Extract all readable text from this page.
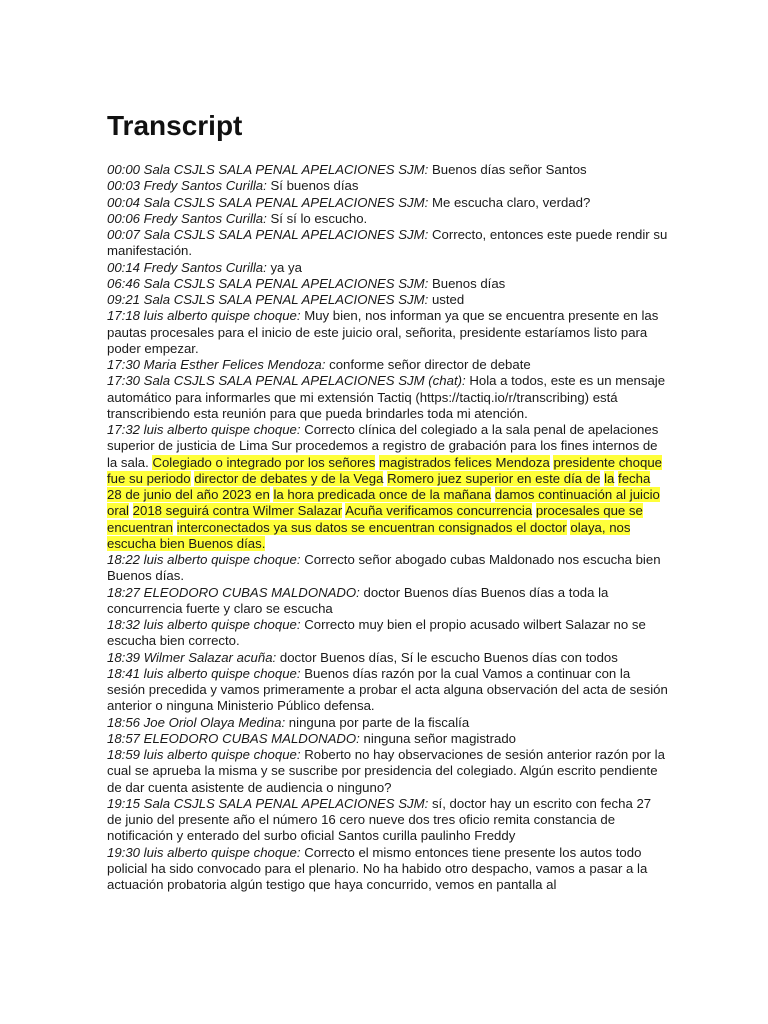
Transcript

00:00 Sala CSJLS SALA PENAL APELACIONES SJM: Buenos días señor Santos

00:03 Fredy Santos Curilla: Sí buenos días

00:04 Sala CSJLS SALA PENAL APELACIONES SJM: Me escucha claro, verdad?

00:06 Fredy Santos Curilla: Sí sí lo escucho.

00:07 Sala CSJLS SALA PENAL APELACIONES SJM: Correcto, entonces este puede rendir su manifestación.

00:14 Fredy Santos Curilla: ya ya

06:46 Sala CSJLS SALA PENAL APELACIONES SJM: Buenos días

09:21 Sala CSJLS SALA PENAL APELACIONES SJM: usted

17:18 luis alberto quispe choque: Muy bien, nos informan ya que se encuentra presente en las pautas procesales para el inicio de este juicio oral, señorita, presidente estaríamos listo para poder empezar.

17:30 Maria Esther Felices Mendoza: conforme señor director de debate

17:30 Sala CSJLS SALA PENAL APELACIONES SJM (chat): Hola a todos, este es un mensaje automático para informarles que mi extensión Tactiq (https://tactiq.io/r/transcribing) está transcribiendo esta reunión para que pueda brindarles toda mi atención.

17:32 luis alberto quispe choque: Correcto clínica del colegiado a la sala penal de apelaciones superior de justicia de Lima Sur procedemos a registro de grabación para los fines internos de la sala. Colegiado o integrado por los señores magistrados felices Mendoza presidente choque fue su periodo director de debates y de la Vega Romero juez superior en este día de la fecha 28 de junio del año 2023 en la hora predicada once de la mañana damos continuación al juicio oral 2018 seguirá contra Wilmer Salazar Acuña verificamos concurrencia procesales que se encuentran interconectados ya sus datos se encuentran consignados el doctor olaya, nos escucha bien Buenos días.

18:22 luis alberto quispe choque: Correcto señor abogado cubas Maldonado nos escucha bien Buenos días.

18:27 ELEODORO CUBAS MALDONADO: doctor Buenos días Buenos días a toda la concurrencia fuerte y claro se escucha

18:32 luis alberto quispe choque: Correcto muy bien el propio acusado wilbert Salazar no se escucha bien correcto.

18:39 Wilmer Salazar acuña: doctor Buenos días, Sí le escucho Buenos días con todos

18:41 luis alberto quispe choque: Buenos días razón por la cual Vamos a continuar con la sesión precedida y vamos primeramente a probar el acta alguna observación del acta de sesión anterior o ninguna Ministerio Público defensa.

18:56 Joe Oriol Olaya Medina: ninguna por parte de la fiscalía

18:57 ELEODORO CUBAS MALDONADO: ninguna señor magistrado

18:59 luis alberto quispe choque: Roberto no hay observaciones de sesión anterior razón por la cual se aprueba la misma y se suscribe por presidencia del colegiado. Algún escrito pendiente de dar cuenta asistente de audiencia o ninguno?

19:15 Sala CSJLS SALA PENAL APELACIONES SJM: sí, doctor hay un escrito con fecha 27 de junio del presente año el número 16 cero nueve dos tres oficio remita constancia de notificación y enterado del surbo oficial Santos curilla paulinho Freddy

19:30 luis alberto quispe choque: Correcto el mismo entonces tiene presente los autos todo policial ha sido convocado para el plenario. No ha habido otro despacho, vamos a pasar a la actuación probatoria algún testigo que haya concurrido, vemos en pantalla al
